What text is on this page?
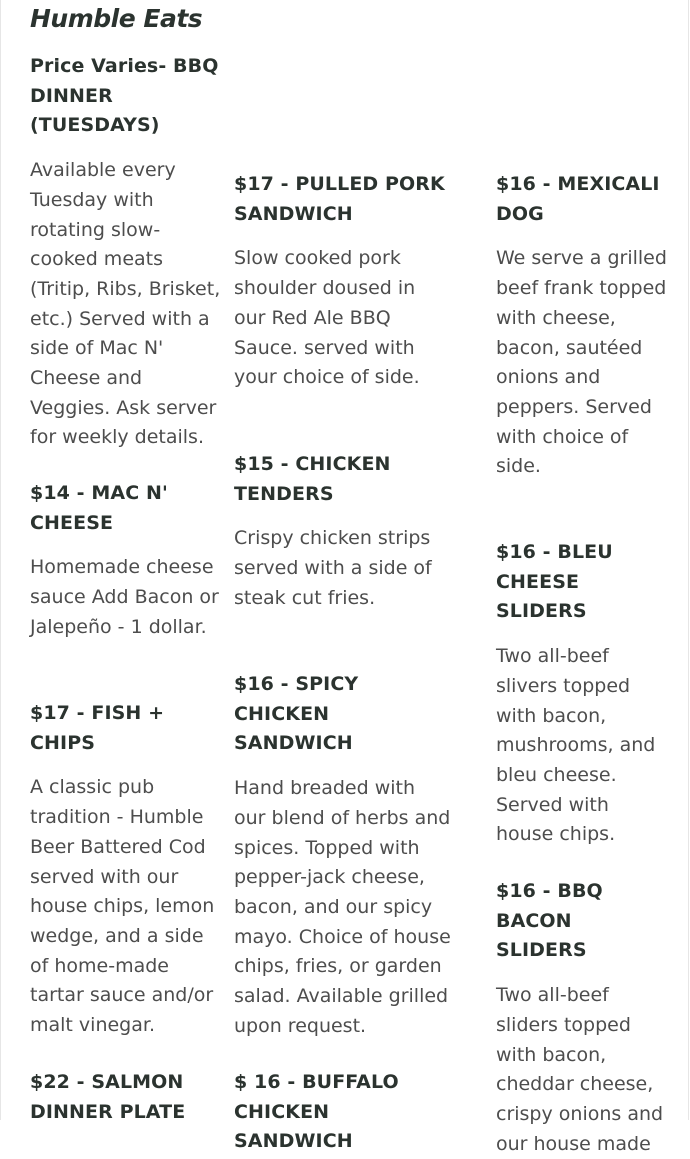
Humble Eats
Price Varies- BBQ DINNER (TUESDAYS)
Available every Tuesday with rotating slow-cooked meats (Tritip, Ribs, Brisket, etc.) Served with a side of Mac N' Cheese and Veggies. Ask server for weekly details.
$14 - MAC N' CHEESE
Homemade cheese sauce Add Bacon or Jalepeño - 1 dollar.
$17 - FISH + CHIPS
A classic pub tradition - Humble Beer Battered Cod served with our house chips, lemon wedge, and a side of home-made tartar sauce and/or malt vinegar.
$22 - SALMON DINNER PLATE
$17 - PULLED PORK SANDWICH
Slow cooked pork shoulder doused in our Red Ale BBQ Sauce. served with your choice of side.
$15 - CHICKEN TENDERS
Crispy chicken strips served with a side of steak cut fries.
$16 - SPICY CHICKEN SANDWICH
Hand breaded with our blend of herbs and spices. Topped with pepper-jack cheese, bacon, and our spicy mayo. Choice of house chips, fries, or garden salad. Available grilled upon request.
$ 16 - BUFFALO CHICKEN SANDWICH
$16 - MEXICALI DOG
We serve a grilled beef frank topped with cheese, bacon, sautéed onions and peppers. Served with choice of side.
$16 - BLEU CHEESE SLIDERS
Two all-beef slivers topped with bacon, mushrooms, and bleu cheese. Served with house chips.
$16 - BBQ BACON SLIDERS
Two all-beef sliders topped with bacon, cheddar cheese, crispy onions and our house made
